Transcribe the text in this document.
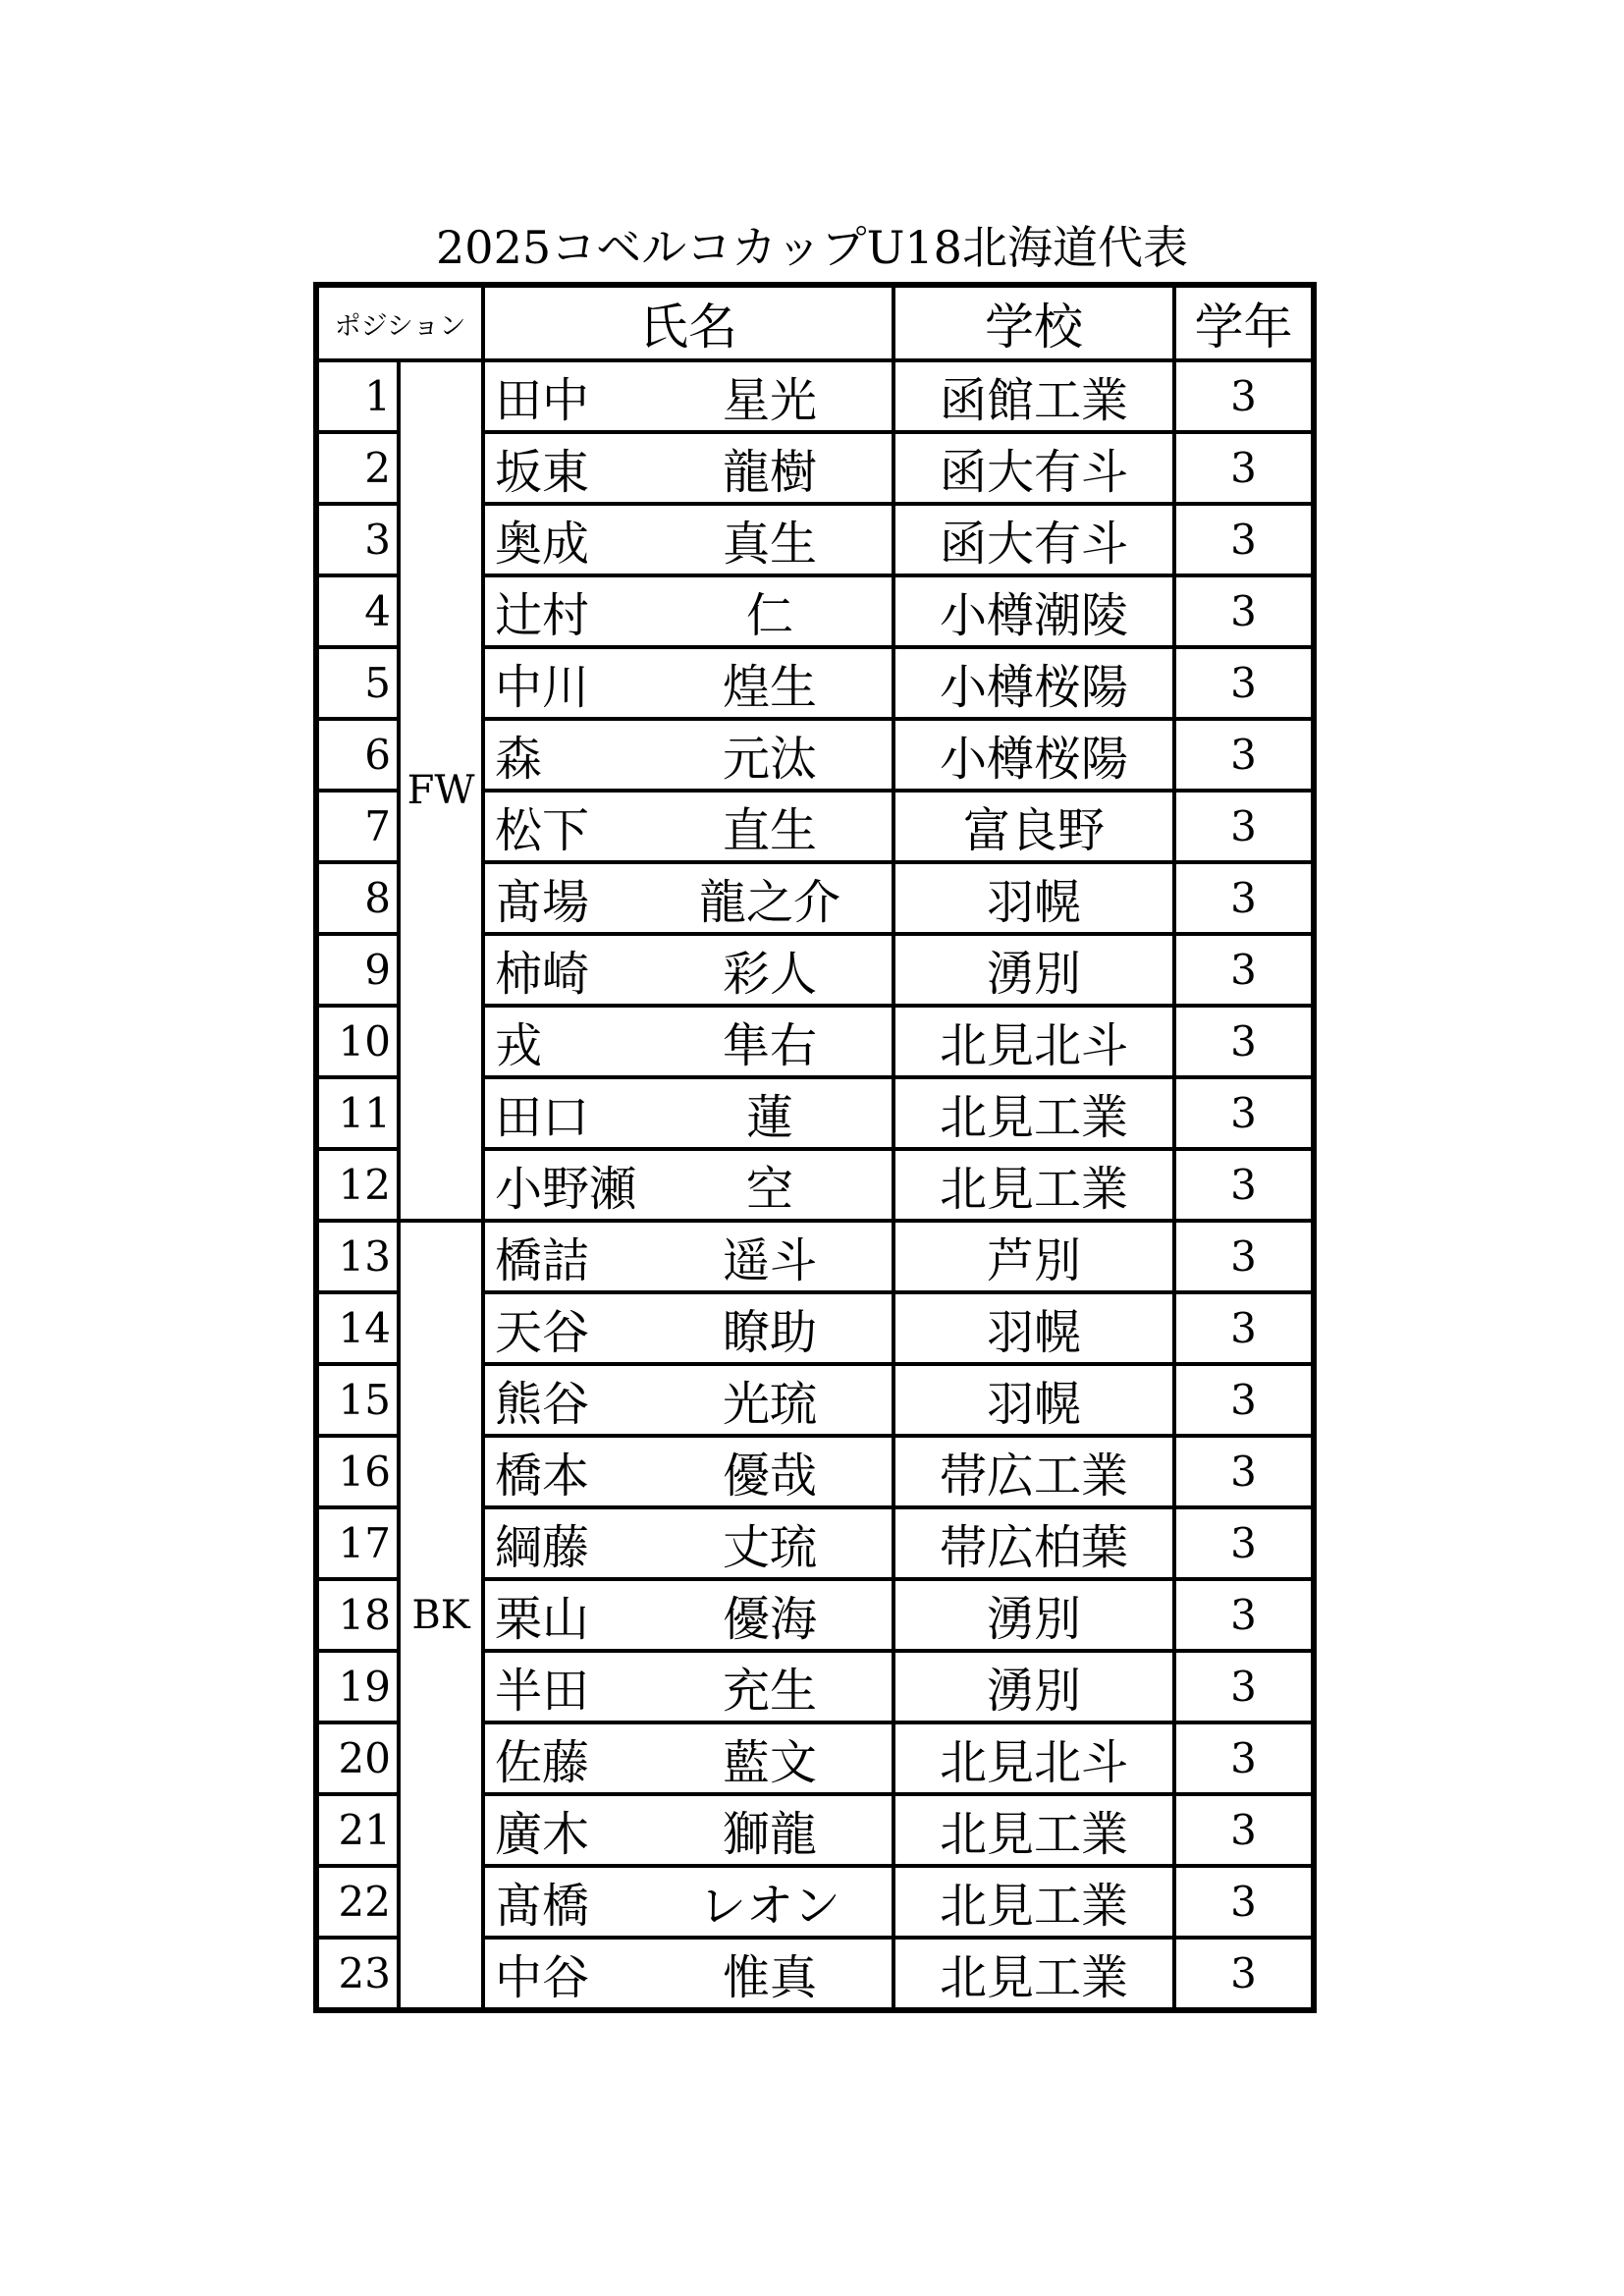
2025コベルコカップU18北海道代表
ポジション		氏名	学校	学年
1	FW	田中 星光	函館工業	3
2		坂東 龍樹	函大有斗	3
3		奥成 真生	函大有斗	3
4		辻村 仁	小樽潮陵	3
5		中川 煌生	小樽桜陽	3
6		森 元汰	小樽桜陽	3
7		松下 直生	富良野	3
8		髙場 龍之介	羽幌	3
9		柿崎 彩人	湧別	3
10		戎 隼右	北見北斗	3
11		田口 蓮	北見工業	3
12		小野瀬 空	北見工業	3
13	BK	橋詰 遥斗	芦別	3
14		天谷 瞭助	羽幌	3
15		熊谷 光琉	羽幌	3
16		橋本 優哉	帯広工業	3
17		綱藤 丈琉	帯広柏葉	3
18		栗山 優海	湧別	3
19		半田 充生	湧別	3
20		佐藤 藍文	北見北斗	3
21		廣木 獅龍	北見工業	3
22		髙橋 レオン	北見工業	3
23		中谷 惟真	北見工業	3
